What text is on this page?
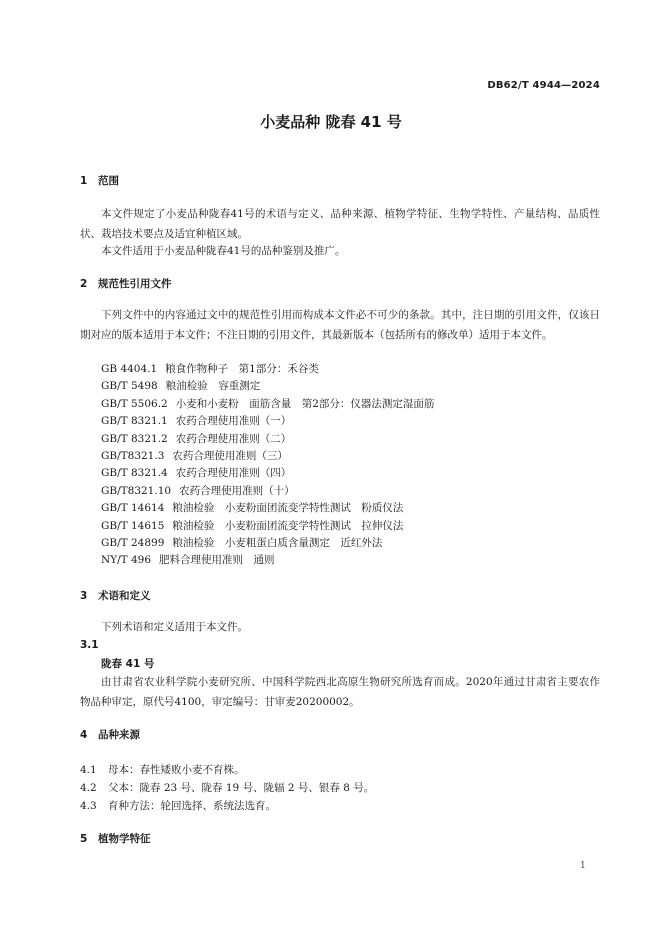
DB62/T 4944—2024
小麦品种 陇春 41 号
1 范围
本文件规定了小麦品种陇春41号的术语与定义、品种来源、植物学特征、生物学特性、产量结构、品质性状、栽培技术要点及适宜种植区域。
本文件适用于小麦品种陇春41号的品种鉴别及推广。
2 规范性引用文件
下列文件中的内容通过文中的规范性引用而构成本文件必不可少的条款。其中，注日期的引用文件，仅该日期对应的版本适用于本文件；不注日期的引用文件，其最新版本（包括所有的修改单）适用于本文件。
GB 4404.1 粮食作物种子　第1部分：禾谷类
GB/T 5498 粮油检验　容重测定
GB/T 5506.2 小麦和小麦粉　面筋含量　第2部分：仪器法测定湿面筋
GB/T 8321.1 农药合理使用准则（一）
GB/T 8321.2 农药合理使用准则（二）
GB/T8321.3 农药合理使用准则（三）
GB/T 8321.4 农药合理使用准则（四）
GB/T8321.10 农药合理使用准则（十）
GB/T 14614 粮油检验　小麦粉面团流变学特性测试　粉质仪法
GB/T 14615 粮油检验　小麦粉面团流变学特性测试　拉伸仪法
GB/T 24899 粮油检验　小麦粗蛋白质含量测定　近红外法
NY/T 496 肥料合理使用准则　通则
3 术语和定义
下列术语和定义适用于本文件。
3.1
陇春 41 号
由甘肃省农业科学院小麦研究所、中国科学院西北高原生物研究所选育而成。2020年通过甘肃省主要农作物品种审定，原代号4100，审定编号：甘审麦20200002。
4 品种来源
4.1 母本：春性矮败小麦不育株。
4.2 父本：陇春 23 号、陇春 19 号、陇辐 2 号、银春 8 号。
4.3 育种方法：轮回选择、系统法选育。
5 植物学特征
1
